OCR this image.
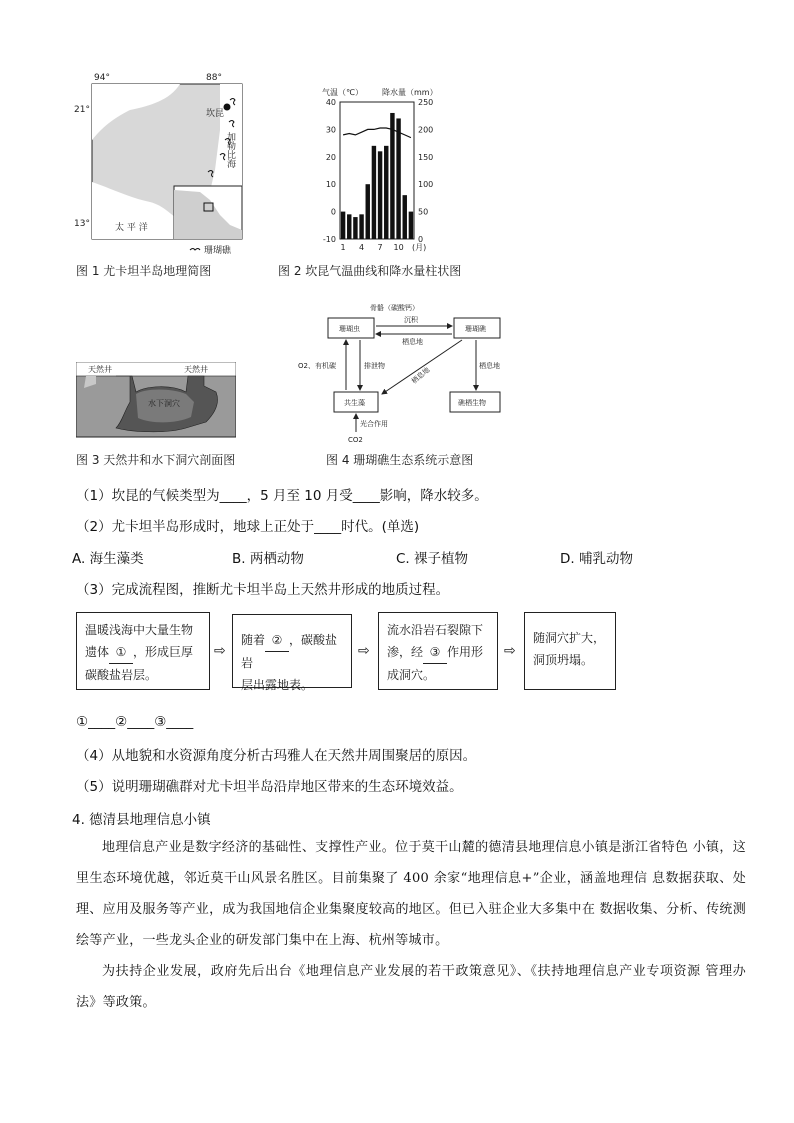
94°	88°
21°
13°
坎昆
加勒比海
太 平 洋
珊瑚礁
图 1 尤卡坦半岛地理简图
气温（℃） 降水量（mm）
-10
0
10
20
30
40
0
50
100
150
200
250
1 4 7 10 (月)
图 2 坎昆气温曲线和降水量柱状图
天然井	天然井
水下洞穴
图 3 天然井和水下洞穴剖面图
骨骼（碳酸钙）
沉积
栖息地
珊瑚虫	珊瑚礁
共生藻	礁栖生物
O2、有机碳	排泄物	栖息地	栖息地
光合作用
CO2
图 4 珊瑚礁生态系统示意图
（1）坎昆的气候类型为____，5 月至 10 月受____影响，降水较多。
（2）尤卡坦半岛形成时，地球上正处于____时代。(单选)
A. 海生藻类	B. 两栖动物	C. 裸子植物	D. 哺乳动物
（3）完成流程图，推断尤卡坦半岛上天然井形成的地质过程。
温暖浅海中大量生物
遗体 ① ，形成巨厚
碳酸盐岩层。
⇨
随着 ② ，碳酸盐岩
层出露地表。
⇨
流水沿岩石裂隙下
渗，经 ③ 作用形
成洞穴。
⇨
随洞穴扩大，
洞顶坍塌。
①____②____③____
（4）从地貌和水资源角度分析古玛雅人在天然井周围聚居的原因。
（5）说明珊瑚礁群对尤卡坦半岛沿岸地区带来的生态环境效益。
4. 德清县地理信息小镇
地理信息产业是数字经济的基础性、支撑性产业。位于莫干山麓的德清县地理信息小镇是浙江省特色 小镇，这里生态环境优越，邻近莫干山风景名胜区。目前集聚了 400 余家“地理信息+”企业，涵盖地理信 息数据获取、处理、应用及服务等产业，成为我国地信企业集聚度较高的地区。但已入驻企业大多集中在 数据收集、分析、传统测绘等产业，一些龙头企业的研发部门集中在上海、杭州等城市。
为扶持企业发展，政府先后出台《地理信息产业发展的若干政策意见》、《扶持地理信息产业专项资源 管理办法》等政策。
